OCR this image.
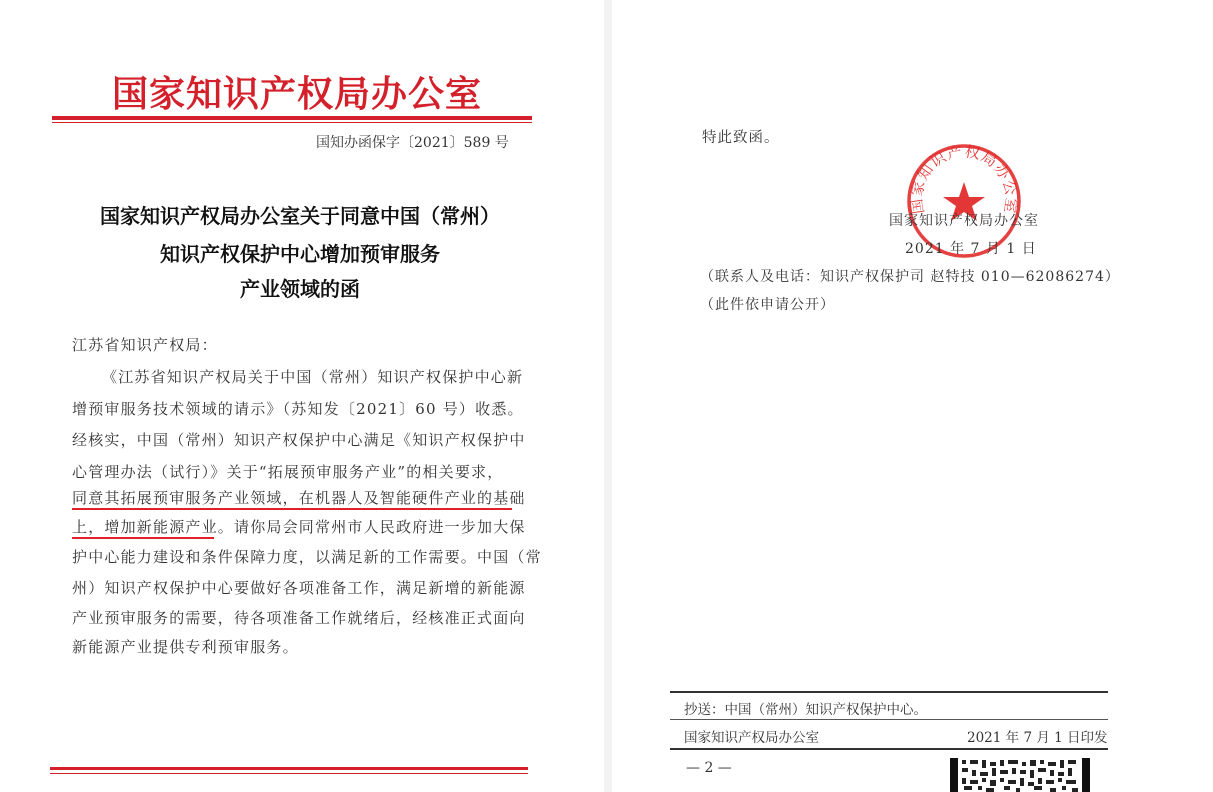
国家知识产权局办公室
国知办函保字〔2021〕589 号
国家知识产权局办公室关于同意中国（常州）
知识产权保护中心增加预审服务
产业领域的函
江苏省知识产权局：
《江苏省知识产权局关于中国（常州）知识产权保护中心新
增预审服务技术领域的请示》（苏知发〔2021〕60 号）收悉。
经核实，中国（常州）知识产权保护中心满足《知识产权保护中
心管理办法（试行）》关于“拓展预审服务产业”的相关要求，
同意其拓展预审服务产业领域，在机器人及智能硬件产业的基础
上，增加新能源产业。请你局会同常州市人民政府进一步加大保
护中心能力建设和条件保障力度，以满足新的工作需要。中国（常
州）知识产权保护中心要做好各项准备工作，满足新增的新能源
产业预审服务的需要，待各项准备工作就绪后，经核准正式面向
新能源产业提供专利预审服务。
特此致函。
国家知识产权局办公室
国家知识产权局办公室
2021 年 7 月 1 日
（联系人及电话：知识产权保护司 赵特技 010—62086274）
（此件依申请公开）
抄送：中国（常州）知识产权保护中心。
国家知识产权局办公室	2021 年 7 月 1 日印发
— 2 —
